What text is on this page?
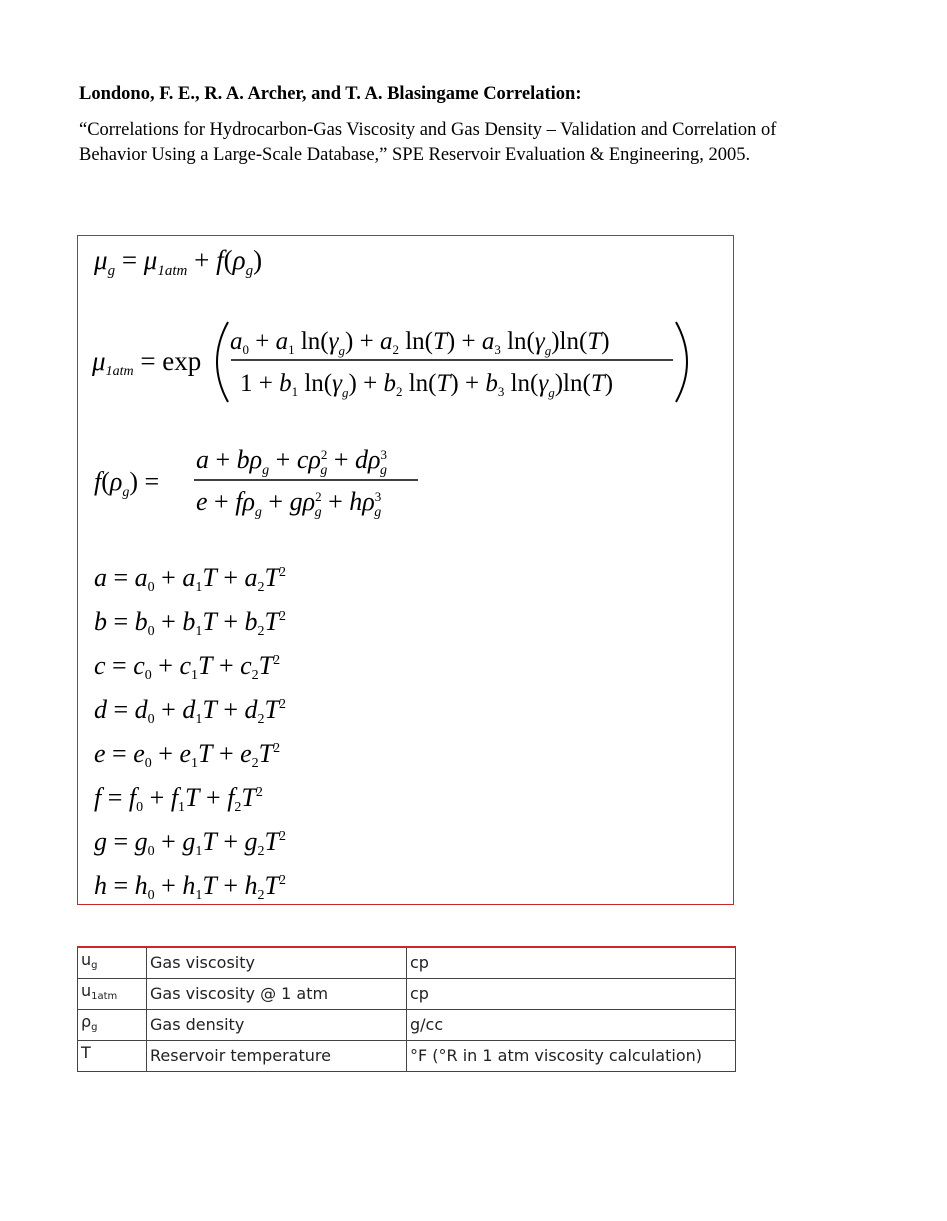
Londono, F. E., R. A. Archer, and T. A. Blasingame Correlation:
“Correlations for Hydrocarbon-Gas Viscosity and Gas Density – Validation and Correlation of Behavior Using a Large-Scale Database,” SPE Reservoir Evaluation & Engineering, 2005.
$\mu_g = \mu_{1atm} + f(\rho_g)$
$\mu_{1atm} = \exp$
$a_0 + a_1$ $\ln(\gamma_g) + a_2$ $\ln(T) + a_3$ $\ln(\gamma_g)\ln(T)$
$1 + b_1$ $\ln(\gamma_g) + b_2$ $\ln(T) + b_3$ $\ln(\gamma_g)\ln(T)$
$f(\rho_g)$ =
$a + b\rho_g + c\rho^2$ $g + d\rho^3$ g
$e + f\rho_g + g\rho^2$ $g + h\rho^3$ g
$a = a0 + a1T + a2T^2$
$b = b0 + b1T + b2T^2$
$c = c0 + c1T + c2T^2$
$d = d0 + d1T + d2T^2$
$e = e0 + e1T + e2T^2$
$f = f0 + f1T + f2T^2$
$g = g0 + g1T + g2T^2$
$h = h0 + h1T + h2T^2$
$u_g$	Gas viscosity	cp
$u_{1atm}$	Gas viscosity @ 1 atm	cp
$\rho_g$	Gas density	g/cc
T	Reservoir temperature	°F (°R in 1 atm viscosity calculation)
